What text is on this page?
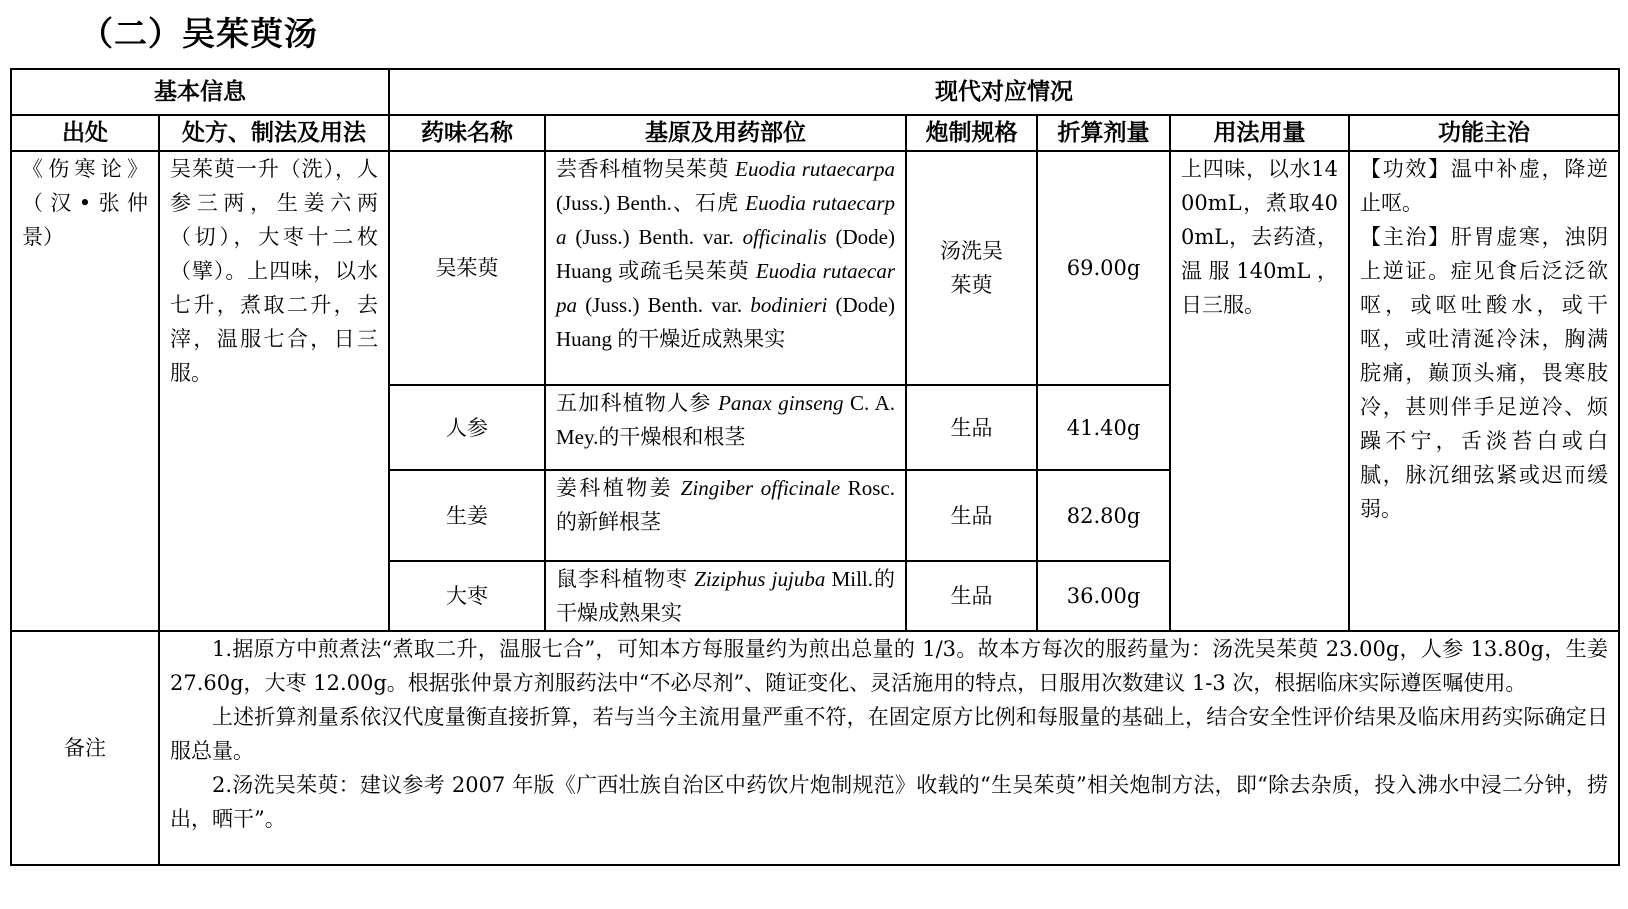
（二）吴茱萸汤
基本信息		现代对应情况					
出处	处方、制法及用法	药味名称	基原及用药部位	炮制规格	折算剂量	用法用量	功能主治
《伤寒论》（汉•张仲景）	吴茱萸一升（洗），人参三两，生姜六两（切），大枣十二枚（擘）。上四味，以水七升，煮取二升，去滓，温服七合，日三服。	吴茱萸	芸香科植物吴茱萸 Euodia rutaecarpa (Juss.) Benth.、石虎 Euodia rutaecarpa (Juss.) Benth. var. officinalis (Dode) Huang 或疏毛吴茱萸 Euodia rutaecarpa (Juss.) Benth. var. bodinieri (Dode) Huang 的干燥近成熟果实	汤洗吴茱萸	69.00g	上四味，以水1400mL，煮取400mL，去药渣，温服140mL，日三服。	【功效】温中补虚，降逆止呕。
【主治】肝胃虚寒，浊阴上逆证。症见食后泛泛欲呕，或呕吐酸水，或干呕，或吐清涎冷沫，胸满脘痛，巅顶头痛，畏寒肢冷，甚则伴手足逆冷、烦躁不宁，舌淡苔白或白腻，脉沉细弦紧或迟而缓弱。
		人参	五加科植物人参 Panax ginseng C. A. Mey.的干燥根和根茎	生品	41.40g		
		生姜	姜科植物姜 Zingiber officinale Rosc.的新鲜根茎	生品	82.80g		
		大枣	鼠李科植物枣 Ziziphus jujuba Mill.的干燥成熟果实	生品	36.00g		
备注	1.据原方中煎煮法“煮取二升，温服七合”，可知本方每服量约为煎出总量的 1/3。故本方每次的服药量为：汤洗吴茱萸 23.00g，人参 13.80g，生姜 27.60g，大枣 12.00g。根据张仲景方剂服药法中“不必尽剂”、随证变化、灵活施用的特点，日服用次数建议 1-3 次，根据临床实际遵医嘱使用。

上述折算剂量系依汉代度量衡直接折算，若与当今主流用量严重不符，在固定原方比例和每服量的基础上，结合安全性评价结果及临床用药实际确定日服总量。

2.汤洗吴茱萸：建议参考 2007 年版《广西壮族自治区中药饮片炮制规范》收载的“生吴茱萸”相关炮制方法，即“除去杂质，投入沸水中浸二分钟，捞出，晒干”。						
